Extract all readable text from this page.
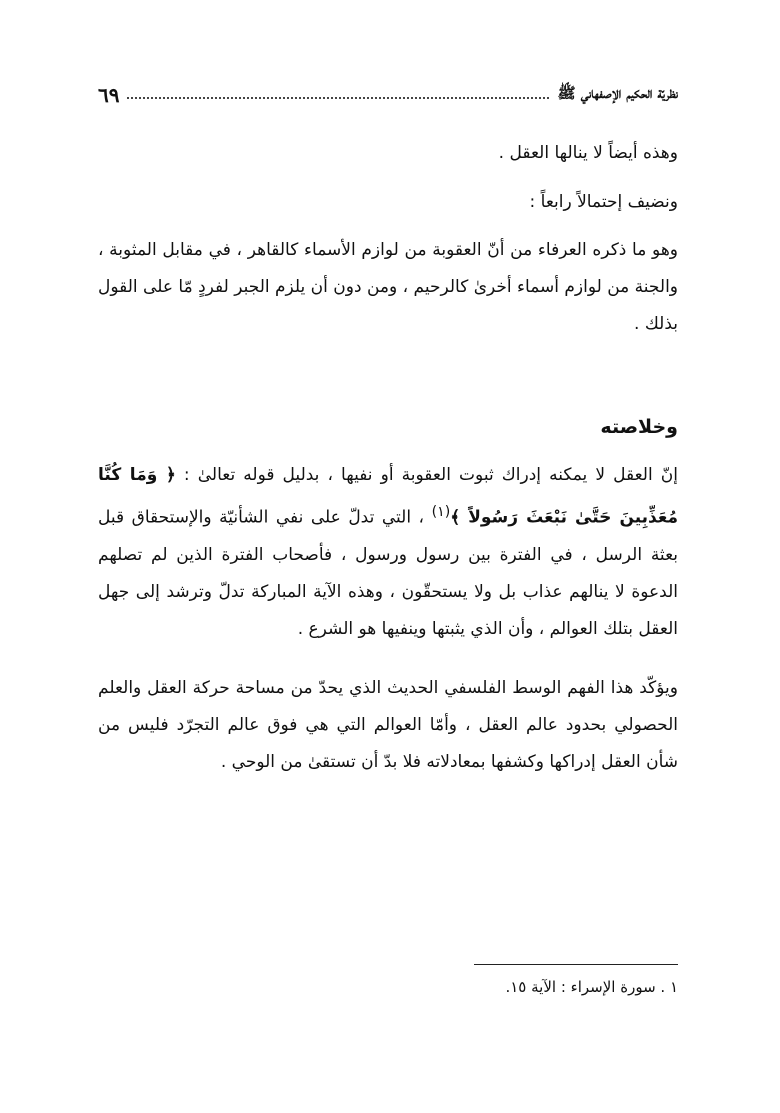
نظريّة الحكيم الإصفهاني ﷺ
٦٩
وهذه أيضاً لا ينالها العقل .
ونضيف إحتمالاً رابعاً :
وهو ما ذكره العرفاء من أنّ العقوبة من لوازم الأسماء كالقاهر ، في مقابل المثوبة ، والجنة من لوازم أسماء أخرىٰ كالرحيم ، ومن دون أن يلزم الجبر لفردٍ مّا على القول بذلك .
وخلاصته
إنّ العقل لا يمكنه إدراك ثبوت العقوبة أو نفيها ، بدليل قوله تعالىٰ : ﴿ وَمَا كُنَّا مُعَذِّبِينَ حَتَّىٰ نَبْعَثَ رَسُولاً ﴾$^{(١)}$ ، التي تدلّ على نفي الشأنيّة والإستحقاق قبل بعثة الرسل ، في الفترة بين رسول ورسول ، فأصحاب الفترة الذين لم تصلهم الدعوة لا ينالهم عذاب بل ولا يستحقّون ، وهذه الآية المباركة تدلّ وترشد إلى جهل العقل بتلك العوالم ، وأن الذي يثبتها وينفيها هو الشرع .
ويؤكّد هذا الفهم الوسط الفلسفي الحديث الذي يحدّ من مساحة حركة العقل والعلم الحصولي بحدود عالم العقل ، وأمّا العوالم التي هي فوق عالم التجرّد فليس من شأن العقل إدراكها وكشفها بمعادلاته فلا بدّ أن تستقىٰ من الوحي .
١ . سورة الإسراء : الآية ١٥.
